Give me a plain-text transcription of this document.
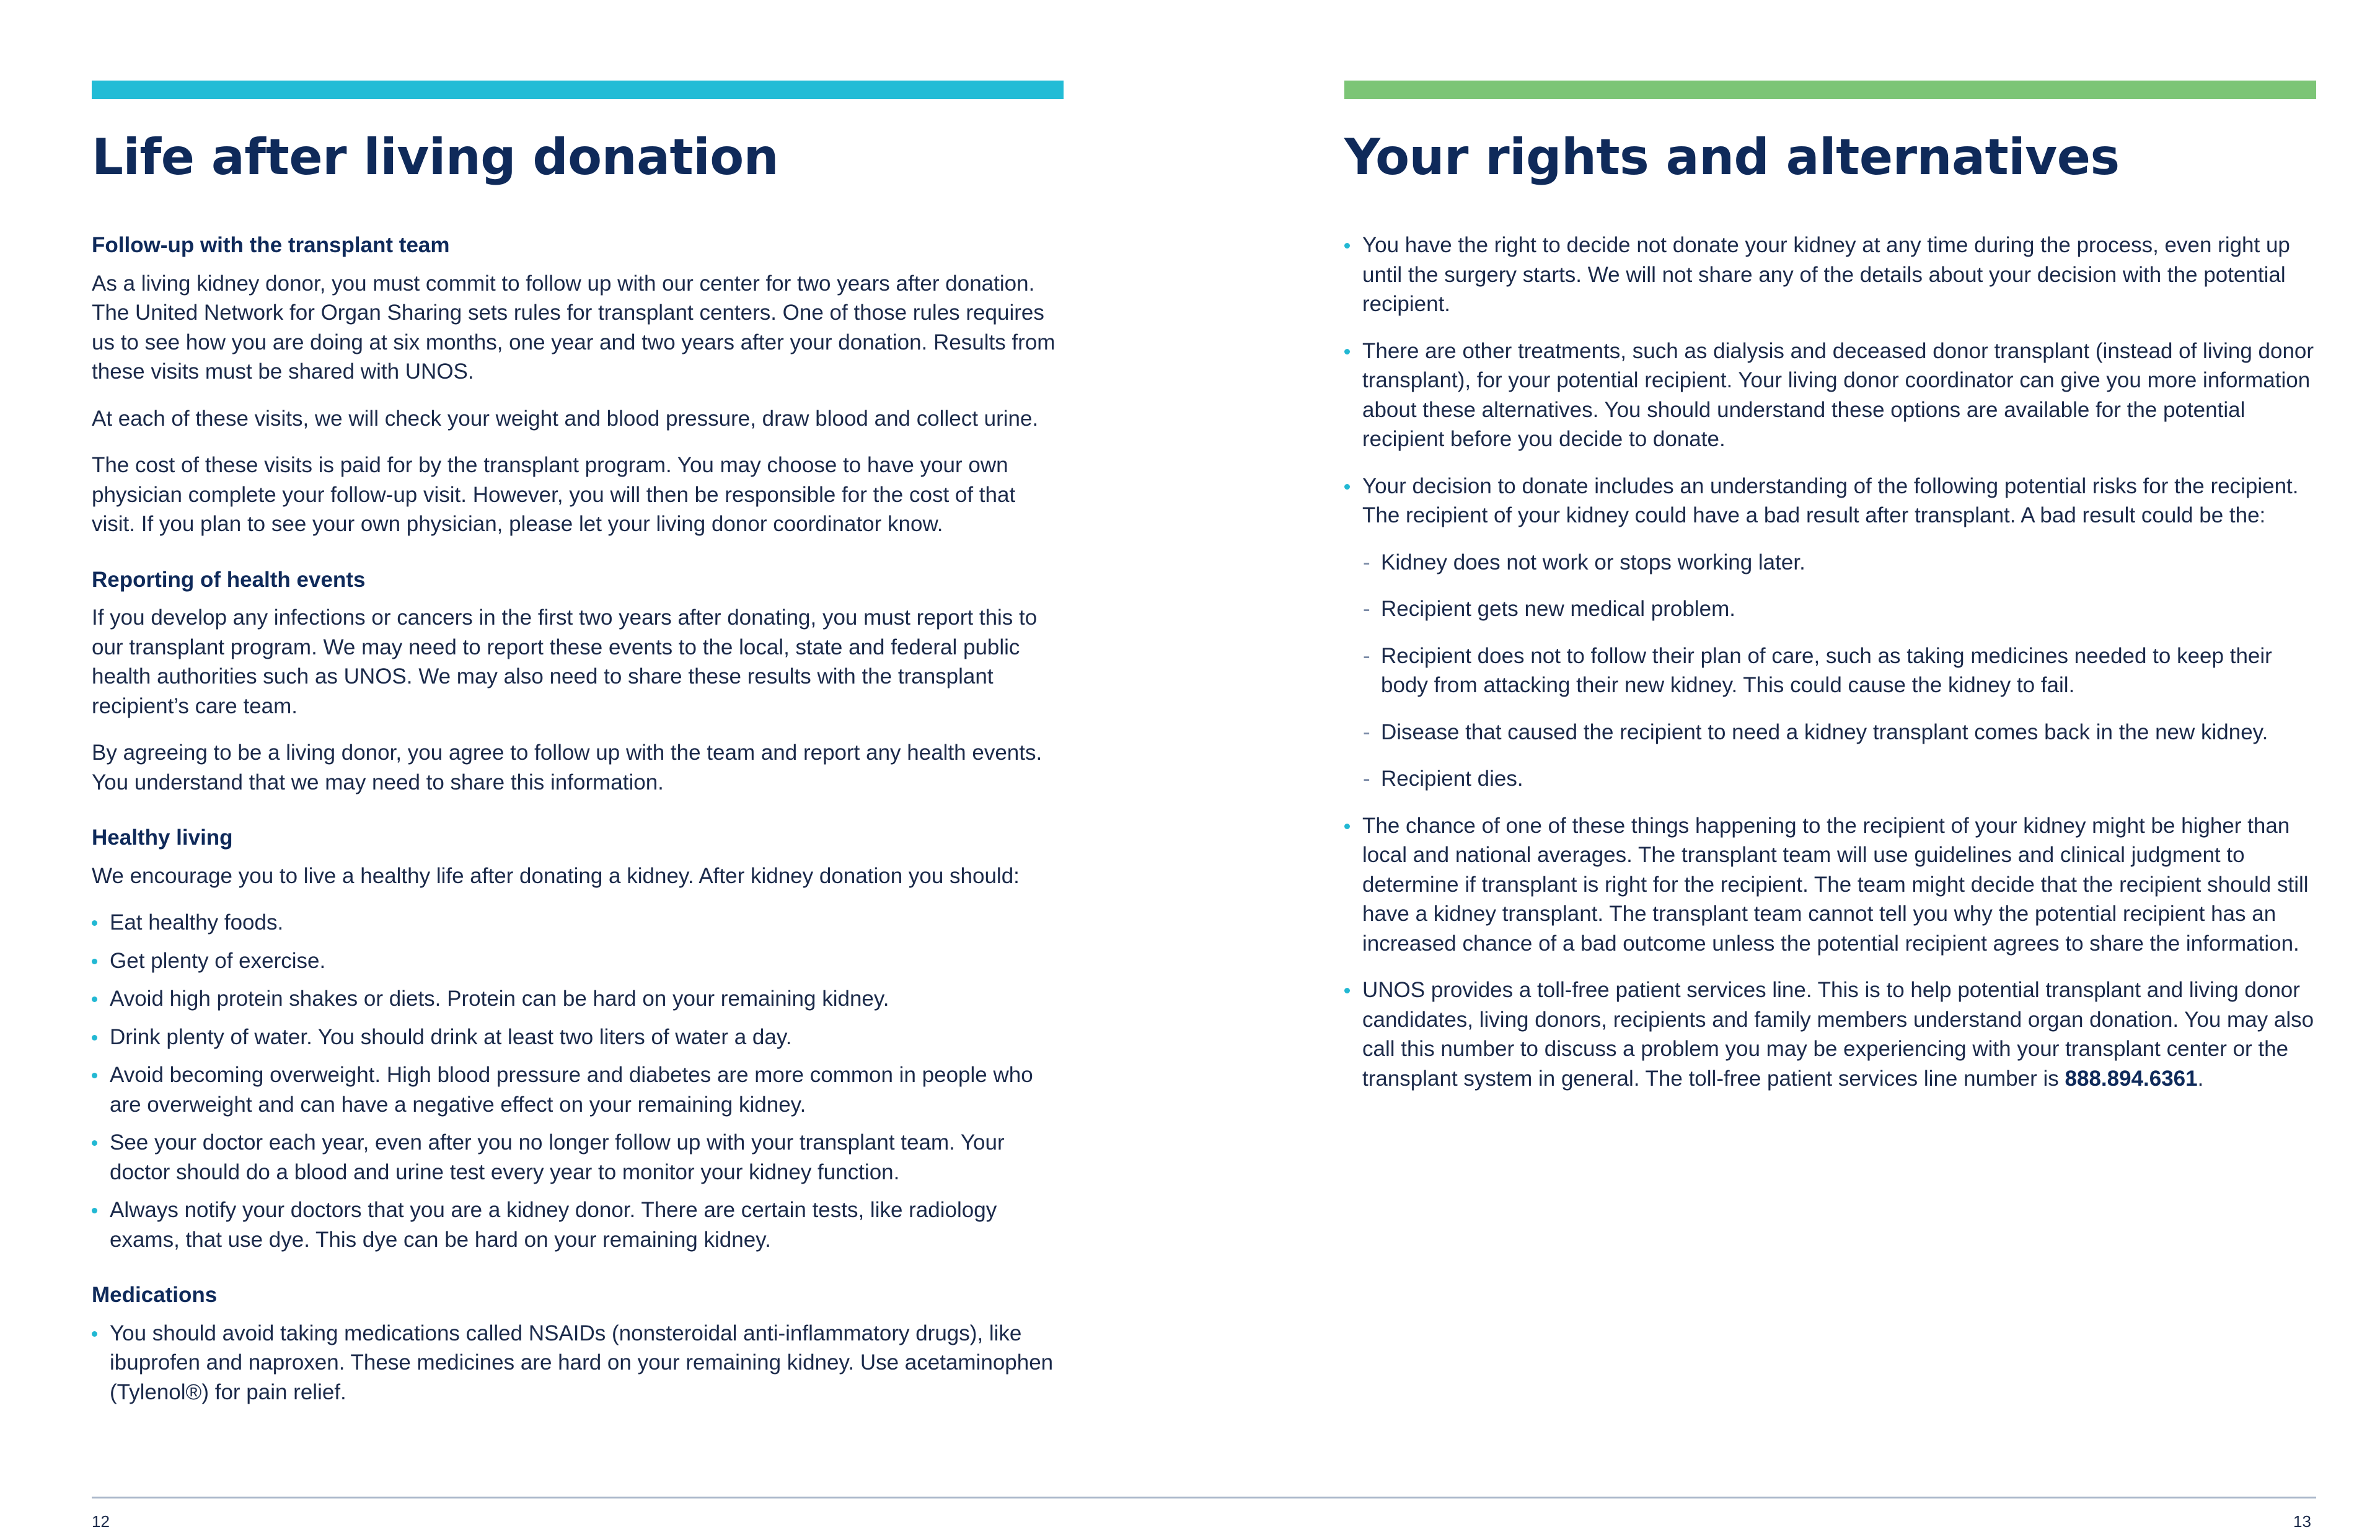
Life after living donation
Follow-up with the transplant team

As a living kidney donor, you must commit to follow up with our center for two years after donation. The United Network for Organ Sharing sets rules for transplant centers. One of those rules requires us to see how you are doing at six months, one year and two years after your donation. Results from these visits must be shared with UNOS.

At each of these visits, we will check your weight and blood pressure, draw blood and collect urine.

The cost of these visits is paid for by the transplant program. You may choose to have your own physician complete your follow-up visit. However, you will then be responsible for the cost of that visit. If you plan to see your own physician, please let your living donor coordinator know.

Reporting of health events

If you develop any infections or cancers in the first two years after donating, you must report this to our transplant program. We may need to report these events to the local, state and federal public health authorities such as UNOS. We may also need to share these results with the transplant recipient’s care team.

By agreeing to be a living donor, you agree to follow up with the team and report any health events. You understand that we may need to share this information.

Healthy living

We encourage you to live a healthy life after donating a kidney. After kidney donation you should:

Eat healthy foods.
Get plenty of exercise.
Avoid high protein shakes or diets. Protein can be hard on your remaining kidney.
Drink plenty of water. You should drink at least two liters of water a day.
Avoid becoming overweight. High blood pressure and diabetes are more common in people who are overweight and can have a negative effect on your remaining kidney.
See your doctor each year, even after you no longer follow up with your transplant team. Your doctor should do a blood and urine test every year to monitor your kidney function.
Always notify your doctors that you are a kidney donor. There are certain tests, like radiology exams, that use dye. This dye can be hard on your remaining kidney.
Medications
You should avoid taking medications called NSAIDs (nonsteroidal anti-inflammatory drugs), like ibuprofen and naproxen. These medicines are hard on your remaining kidney. Use acetaminophen (Tylenol®) for pain relief.
Your rights and alternatives
You have the right to decide not donate your kidney at any time during the process, even right up until the surgery starts. We will not share any of the details about your decision with the potential recipient.
There are other treatments, such as dialysis and deceased donor transplant (instead of living donor transplant), for your potential recipient. Your living donor coordinator can give you more information about these alternatives. You should understand these options are available for the potential recipient before you decide to donate.
Your decision to donate includes an understanding of the following potential risks for the recipient. The recipient of your kidney could have a bad result after transplant. A bad result could be the:
- Kidney does not work or stops working later.
- Recipient gets new medical problem.
- Recipient does not to follow their plan of care, such as taking medicines needed to keep their body from attacking their new kidney. This could cause the kidney to fail.
- Disease that caused the recipient to need a kidney transplant comes back in the new kidney.
- Recipient dies.
The chance of one of these things happening to the recipient of your kidney might be higher than local and national averages. The transplant team will use guidelines and clinical judgment to determine if transplant is right for the recipient. The team might decide that the recipient should still have a kidney transplant. The transplant team cannot tell you why the potential recipient has an increased chance of a bad outcome unless the potential recipient agrees to share the information.
UNOS provides a toll-free patient services line. This is to help potential transplant and living donor candidates, living donors, recipients and family members understand organ donation. You may also call this number to discuss a problem you may be experiencing with your transplant center or the transplant system in general. The toll-free patient services line number is 888.894.6361.
12	13
